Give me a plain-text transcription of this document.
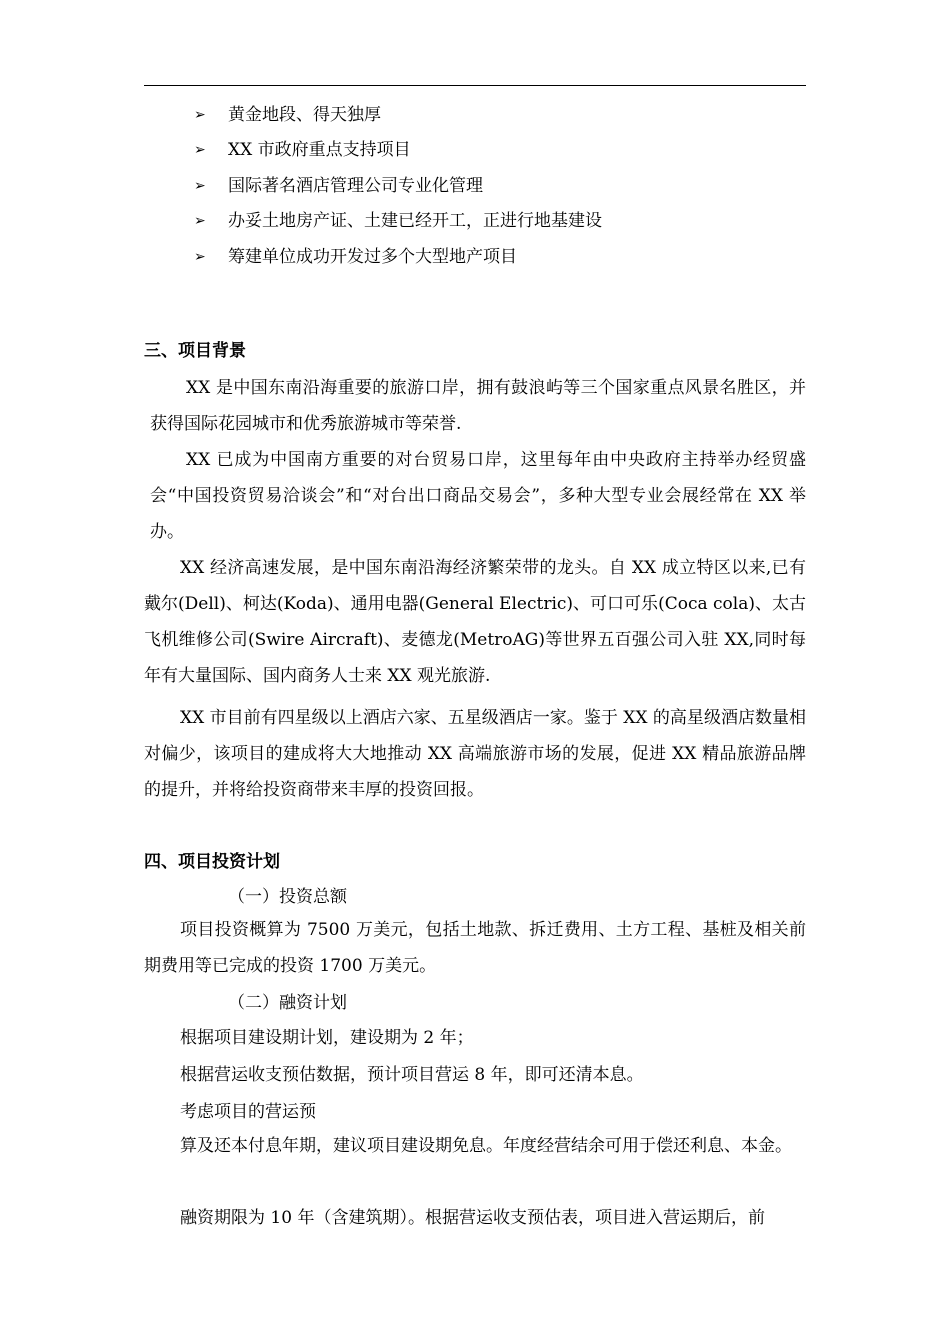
➢	黄金地段、得天独厚
➢	XX 市政府重点支持项目
➢	国际著名酒店管理公司专业化管理
➢	办妥土地房产证、土建已经开工，正进行地基建设
➢	筹建单位成功开发过多个大型地产项目
三、项目背景

XX 是中国东南沿海重要的旅游口岸，拥有鼓浪屿等三个国家重点风景名胜区，并获得国际花园城市和优秀旅游城市等荣誉.

XX 已成为中国南方重要的对台贸易口岸，这里每年由中央政府主持举办经贸盛会“中国投资贸易洽谈会”和“对台出口商品交易会”，多种大型专业会展经常在 XX 举办。

XX 经济高速发展，是中国东南沿海经济繁荣带的龙头。自 XX 成立特区以来,已有戴尔(Dell)、柯达(Koda)、通用电器(General Electric)、可口可乐(Coca cola)、太古飞机维修公司(Swire Aircraft)、麦德龙(MetroAG)等世界五百强公司入驻 XX,同时每年有大量国际、国内商务人士来 XX 观光旅游.

XX 市目前有四星级以上酒店六家、五星级酒店一家。鉴于 XX 的高星级酒店数量相对偏少，该项目的建成将大大地推动 XX 高端旅游市场的发展，促进 XX 精品旅游品牌的提升，并将给投资商带来丰厚的投资回报。

四、项目投资计划

（一）投资总额

项目投资概算为 7500 万美元，包括土地款、拆迁费用、土方工程、基桩及相关前期费用等已完成的投资 1700 万美元。

（二）融资计划

根据项目建设期计划，建设期为 2 年；

根据营运收支预估数据，预计项目营运 8 年，即可还清本息。

考虑项目的营运预

算及还本付息年期，建议项目建设期免息。年度经营结余可用于偿还利息、本金。

融资期限为 10 年（含建筑期）。根据营运收支预估表，项目进入营运期后，前
